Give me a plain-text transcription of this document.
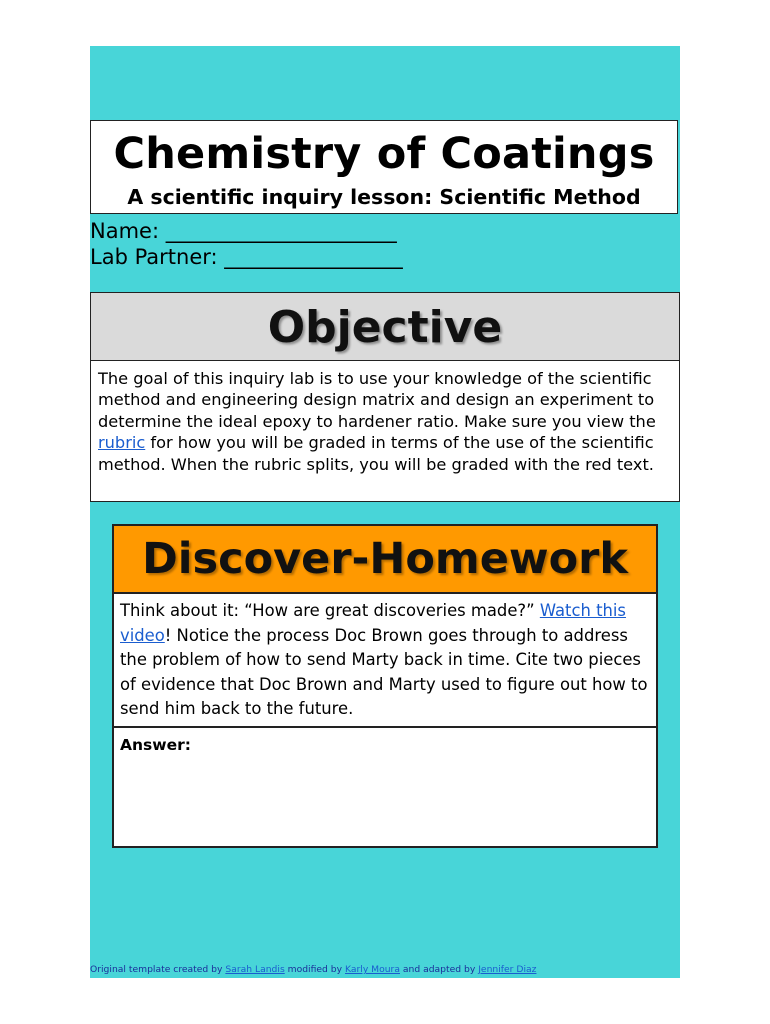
Chemistry of Coatings
A scientific inquiry lesson: Scientific Method
Name: ______________________
Lab Partner: _________________
Objective
The goal of this inquiry lab is to use your knowledge of the scientific method and engineering design matrix and design an experiment to determine the ideal epoxy to hardener ratio. Make sure you view the rubric for how you will be graded in terms of the use of the scientific method. When the rubric splits, you will be graded with the red text.
Discover-Homework
Think about it: “How are great discoveries made?” Watch this video! Notice the process Doc Brown goes through to address the problem of how to send Marty back in time. Cite two pieces of evidence that Doc Brown and Marty used to figure out how to send him back to the future.
Answer:
Original template created by Sarah Landis modified by Karly Moura and adapted by Jennifer Diaz
